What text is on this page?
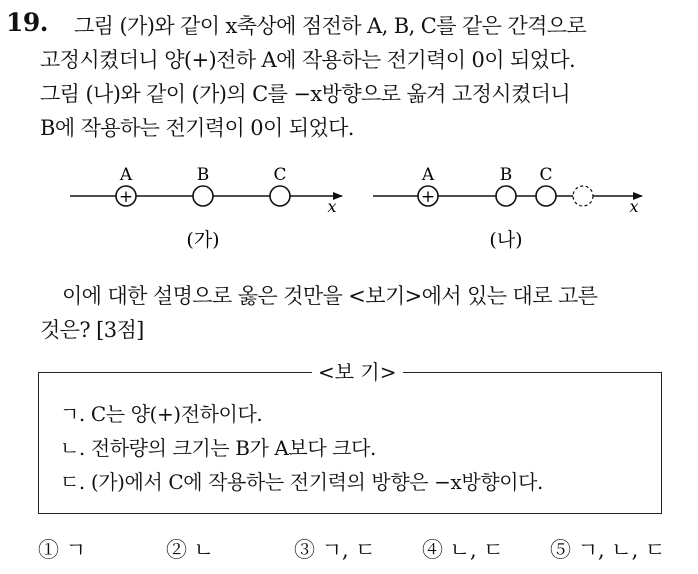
19. 그림 (가)와 같이 x축상에 점전하 A, B, C를 같은 간격으로
고정시켰더니 양(+)전하 A에 작용하는 전기력이 0이 되었다.
그림 (나)와 같이 (가)의 C를 −x방향으로 옮겨 고정시켰더니
B에 작용하는 전기력이 0이 되었다.
+
A	B	C
x	+
A	B C
x
(가)	(나)
이에 대한 설명으로 옳은 것만을 <보기>에서 있는 대로 고른
것은? [3점]
<보 기>
ㄱ. C는 양(+)전하이다.
ㄴ. 전하량의 크기는 B가 A보다 크다.
ㄷ. (가)에서 C에 작용하는 전기력의 방향은 −x방향이다.
① ㄱ	② ㄴ	③ ㄱ, ㄷ ④ ㄴ, ㄷ ⑤ ㄱ, ㄴ, ㄷ
